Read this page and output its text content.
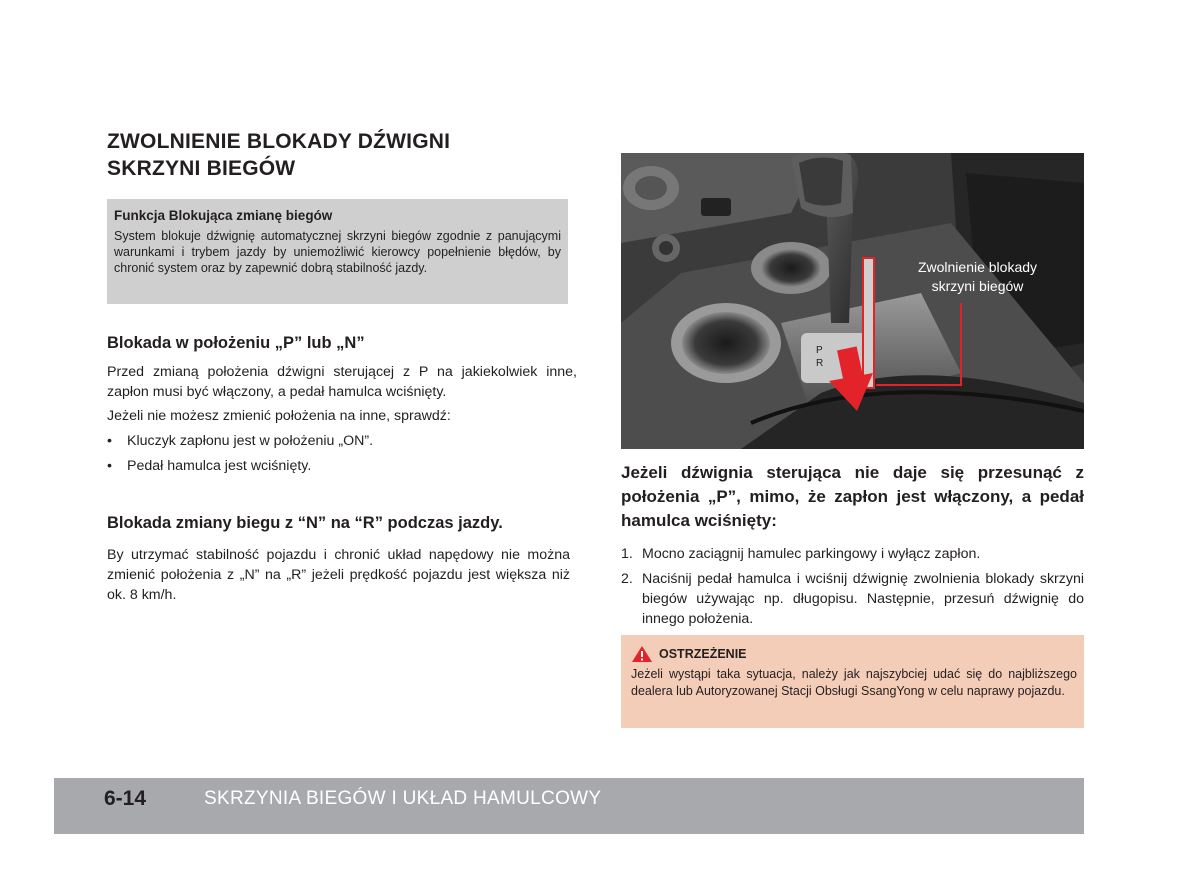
ZWOLNIENIE BLOKADY DŹWIGNI
SKRZYNI BIEGÓW

Funkcja Blokująca zmianę biegów

System blokuje dźwignię automatycznej skrzyni biegów zgodnie z panującymi warunkami i trybem jazdy by uniemożliwić kierowcy popełnienie błędów, by chronić system oraz by zapewnić dobrą stabilność jazdy.

Blokada w położeniu „P” lub „N”

Przed zmianą położenia dźwigni sterującej z P na jakiekolwiek inne, zapłon musi być włączony, a pedał hamulca wciśnięty.

Jeżeli nie możesz zmienić położenia na inne, sprawdź:

• Kluczyk zapłonu jest w położeniu „ON”.

• Pedał hamulca jest wciśnięty.

Blokada zmiany biegu z “N” na “R” podczas jazdy.

By utrzymać stabilność pojazdu i chronić układ napędowy nie można zmienić położenia z „N” na „R” jeżeli prędkość pojazdu jest większa niż ok. 8 km/h.

P
R
Zwolnienie blokady
skrzyni biegów

Jeżeli dźwignia sterująca nie daje się przesunąć z położenia „P”, mimo, że zapłon jest włączony, a pedał hamulca wciśnięty:

1. Mocno zaciągnij hamulec parkingowy i wyłącz zapłon.
2. Naciśnij pedał hamulca i wciśnij dźwignię zwolnienia blokady skrzyni biegów używając np. długopisu. Następnie, przesuń dźwignię do innego położenia.
OSTRZEŻENIE

Jeżeli wystąpi taka sytuacja, należy jak najszybciej udać się do najbliższego dealera lub Autoryzowanej Stacji Obsługi SsangYong w celu naprawy pojazdu.

6-14	SKRZYNIA BIEGÓW I UKŁAD HAMULCOWY
